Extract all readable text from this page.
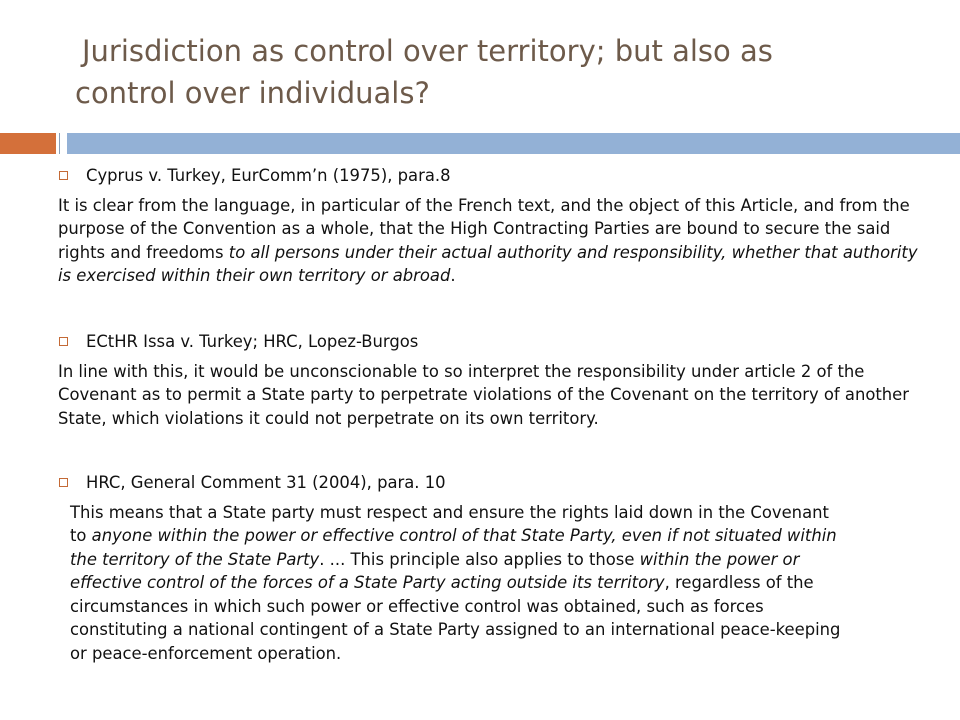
Jurisdiction as control over territory; but also as
control over individuals?
Cyprus v. Turkey, EurComm’n (1975), para.8
It is clear from the language, in particular of the French text, and the object of this Article, and from the purpose of the Convention as a whole, that the High Contracting Parties are bound to secure the said rights and freedoms to all persons under their actual authority and responsibility, whether that authority is exercised within their own territory or abroad.
ECtHR Issa v. Turkey; HRC, Lopez-Burgos
In line with this, it would be unconscionable to so interpret the responsibility under article 2 of the Covenant as to permit a State party to perpetrate violations of the Covenant on the territory of another State, which violations it could not perpetrate on its own territory.
HRC, General Comment 31 (2004), para. 10
This means that a State party must respect and ensure the rights laid down in the Covenant to anyone within the power or effective control of that State Party, even if not situated within the territory of the State Party. ... This principle also applies to those within the power or effective control of the forces of a State Party acting outside its territory, regardless of the circumstances in which such power or effective control was obtained, such as forces constituting a national contingent of a State Party assigned to an international peace-keeping or peace-enforcement operation.
